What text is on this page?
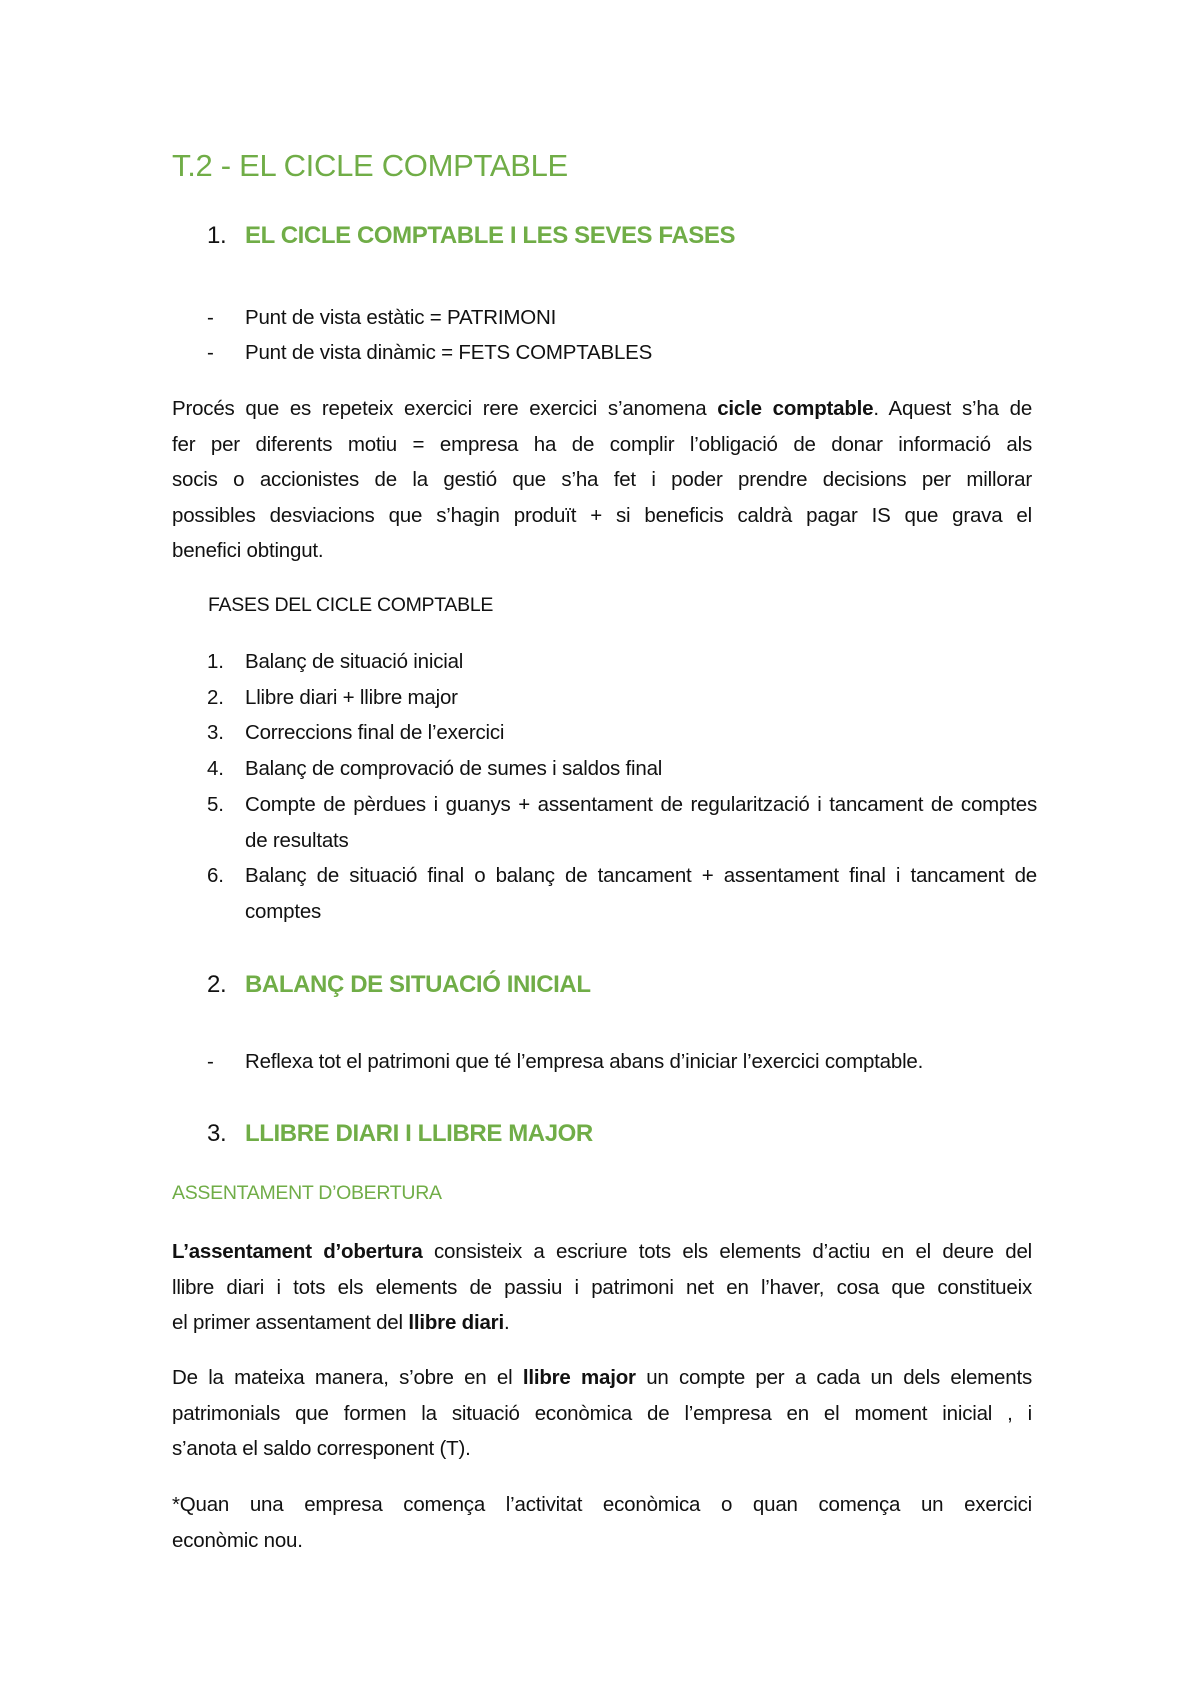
T.2 - EL CICLE COMPTABLE
1. EL CICLE COMPTABLE I LES SEVES FASES
- Punt de vista estàtic = PATRIMONI
- Punt de vista dinàmic = FETS COMPTABLES
Procés que es repeteix exercici rere exercici s’anomena cicle comptable. Aquest s’ha de
fer per diferents motiu = empresa ha de complir l’obligació de donar informació als
socis o accionistes de la gestió que s’ha fet i poder prendre decisions per millorar
possibles desviacions que s’hagin produït + si beneficis caldrà pagar IS que grava el
benefici obtingut.
FASES DEL CICLE COMPTABLE
1.	Balanç de situació inicial
2.	Llibre diari + llibre major
3.	Correccions final de l’exercici
4.	Balanç de comprovació de sumes i saldos final
5.	Compte de pèrdues i guanys + assentament de regularització i tancament de comptes de resultats
6.	Balanç de situació final o balanç de tancament + assentament final i tancament de comptes
2. BALANÇ DE SITUACIÓ INICIAL
- Reflexa tot el patrimoni que té l’empresa abans d’iniciar l’exercici comptable.
3. LLIBRE DIARI I LLIBRE MAJOR
ASSENTAMENT D’OBERTURA
L’assentament d’obertura consisteix a escriure tots els elements d’actiu en el deure del
llibre diari i tots els elements de passiu i patrimoni net en l’haver, cosa que constitueix
el primer assentament del llibre diari.
De la mateixa manera, s’obre en el llibre major un compte per a cada un dels elements
patrimonials que formen la situació econòmica de l’empresa en el moment inicial , i
s’anota el saldo corresponent (T).
*Quan una empresa comença l’activitat econòmica o quan comença un exercici
econòmic nou.
